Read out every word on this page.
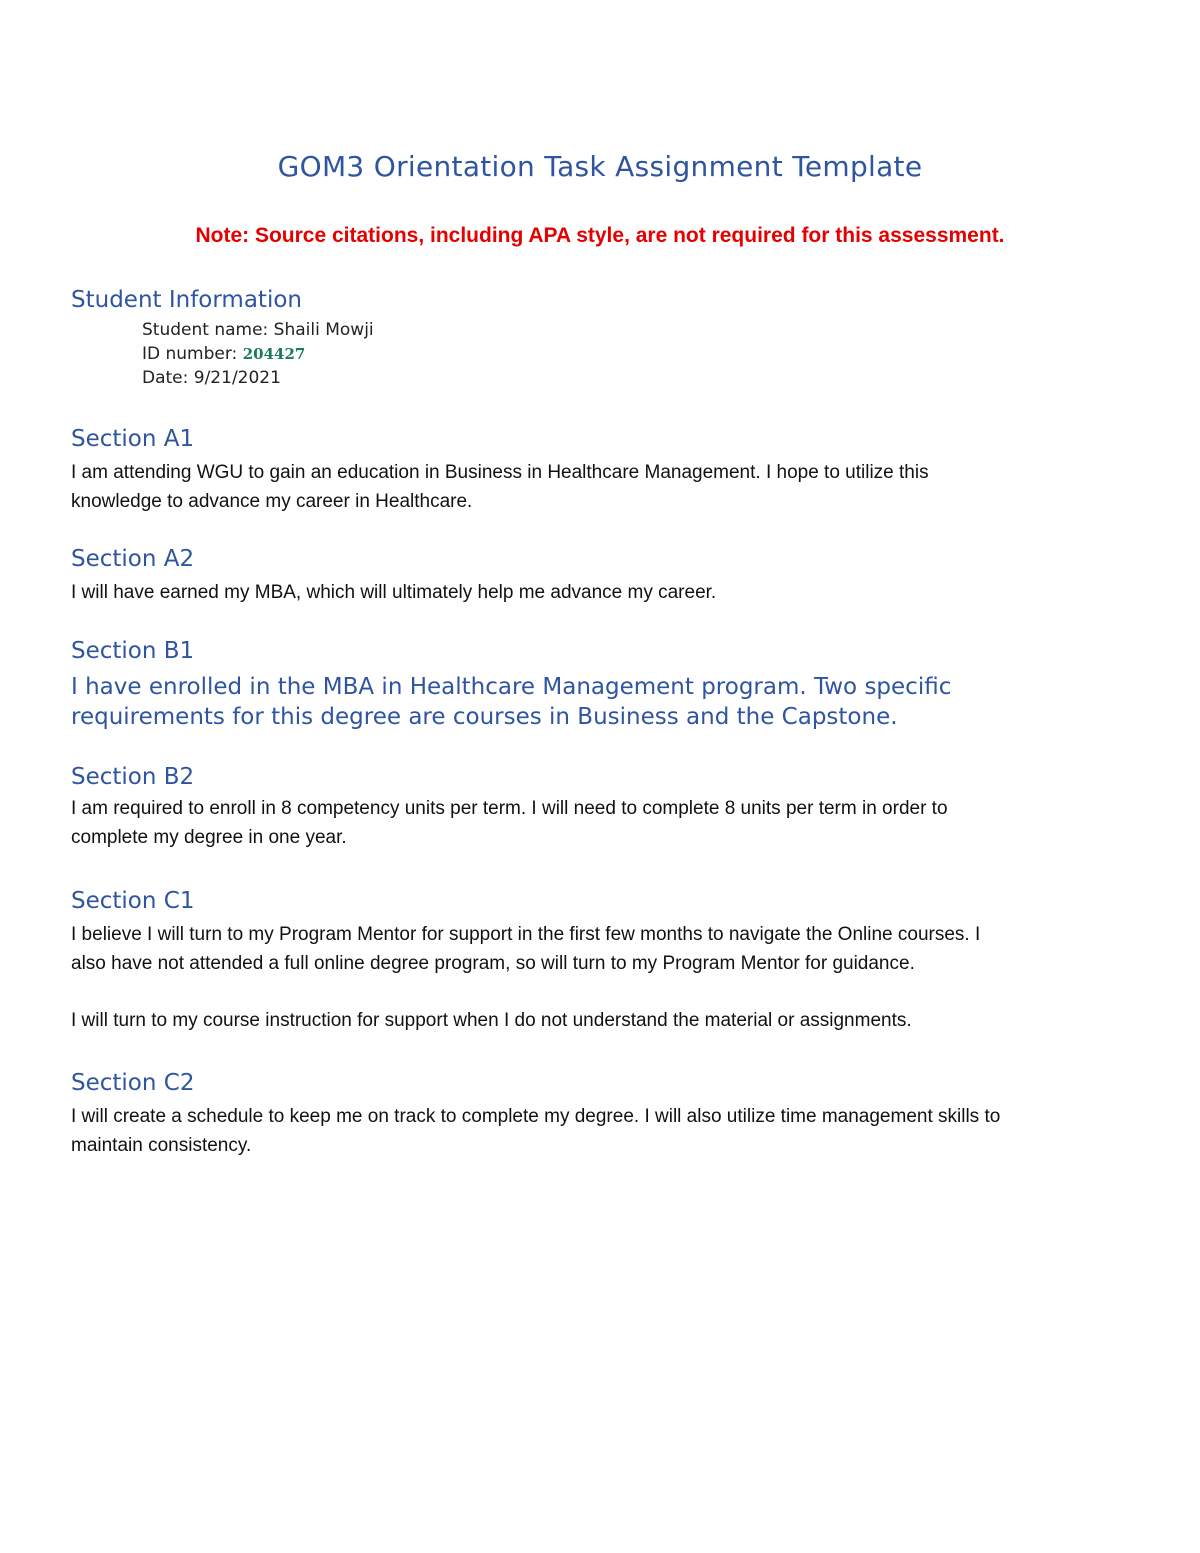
GOM3 Orientation Task Assignment Template
Note: Source citations, including APA style, are not required for this assessment.
Student Information
Student name: Shaili Mowji
ID number: 204427
Date: 9/21/2021
Section A1
I am attending WGU to gain an education in Business in Healthcare Management. I hope to utilize this
knowledge to advance my career in Healthcare.
Section A2
I will have earned my MBA, which will ultimately help me advance my career.
Section B1
I have enrolled in the MBA in Healthcare Management program. Two specific
requirements for this degree are courses in Business and the Capstone.
Section B2
I am required to enroll in 8 competency units per term. I will need to complete 8 units per term in order to
complete my degree in one year.
Section C1
I believe I will turn to my Program Mentor for support in the first few months to navigate the Online courses. I
also have not attended a full online degree program, so will turn to my Program Mentor for guidance.
I will turn to my course instruction for support when I do not understand the material or assignments.
Section C2
I will create a schedule to keep me on track to complete my degree. I will also utilize time management skills to
maintain consistency.
